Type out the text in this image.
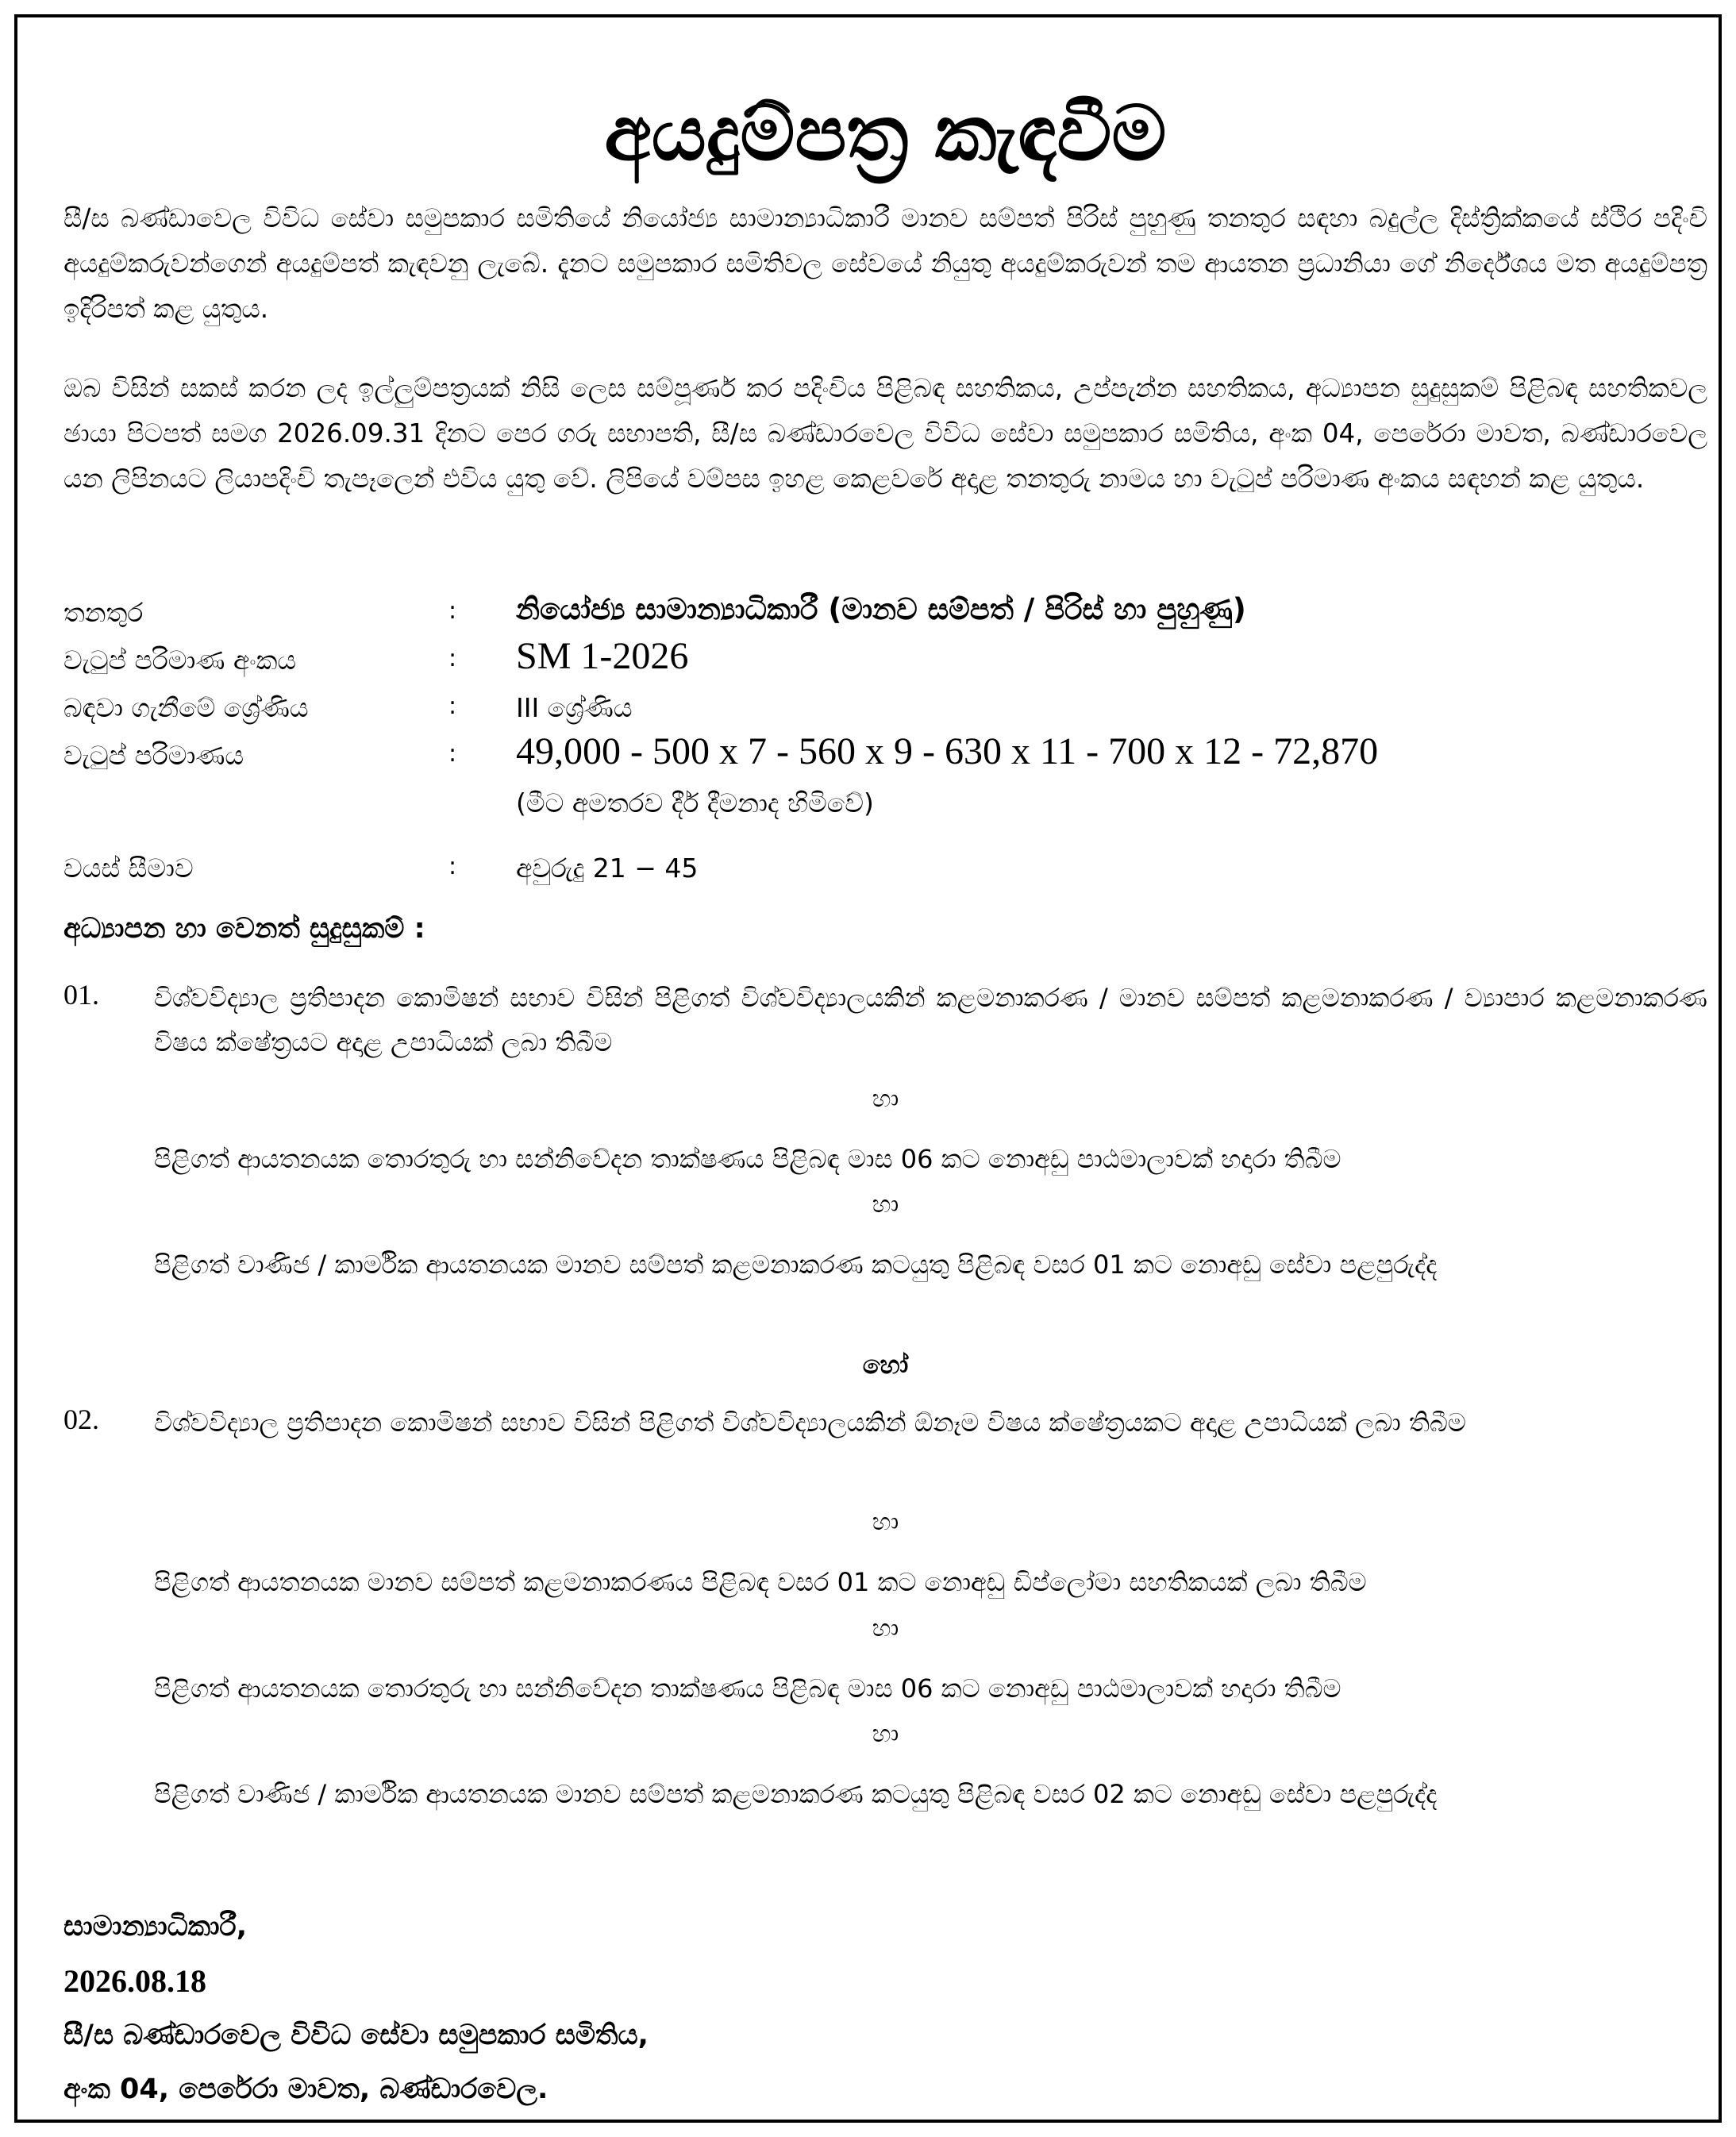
අයදුම්පත්‍ර කැඳවීම

සී/ස බණ්ඩාවෙල විවිධ සේවා සමුපකාර සමිතියේ නියෝජ්‍ය සාමාන්‍යාධිකාරී මානව සම්පත් පිරිස් පුහුණු තනතුර සඳහා බදුල්ල දිස්ත්‍රික්කයේ ස්ථිර පදිංචි අයදුම්කරුවන්ගෙන් අයදුම්පත් කැඳවනු ලැබේ. දැනට සමුපකාර සමිතිවල සේවයේ නියුතු අයදුම්කරුවන් තම ආයතන ප්‍රධානියා ගේ නිර්දේශය මත අයදුම්පත්‍ර ඉදිරිපත් කළ යුතුය.

ඔබ විසින් සකස් කරන ලද ඉල්ලුම්පත්‍රයක් නිසි ලෙස සම්පූර්ණ කර පදිංචිය පිළිබඳ සහතිකය, උප්පැන්න සහතිකය, අධ්‍යාපන සුදුසුකම් පිළිබඳ සහතිකවල ඡායා පිටපත් සමග 2026.09.31 දිනට පෙර ගරු සභාපති, සී/ස බණ්ඩාරවෙල විවිධ සේවා සමුපකාර සමිතිය, අංක 04, පෙරේරා මාවත, බණ්ඩාරවෙල යන ලිපිනයට ලියාපදිංචි තැපෑලෙන් එවිය යුතු වේ. ලිපියේ වම්පස ඉහළ කෙළවරේ අදාළ තනතුරු නාමය හා වැටුප් පරිමාණ අංකය සඳහන් කළ යුතුය.

තනතුර	: නියෝජ්‍ය සාමාන්‍යාධිකාරී (මානව සම්පත් / පිරිස් හා පුහුණු)
වැටුප් පරිමාණ අංකය	: SM 1-2026
බඳවා ගැනීමේ ශ්‍රේණිය	: III ශ්‍රේණිය
වැටුප් පරිමාණය	: 49,000 - 500 x 7 - 560 x 9 - 630 x 11 - 700 x 12 - 72,870
(මීට අමතරව දීර් දීමනාද හිමිවේ)
වයස් සීමාව	: අවුරුදු 21 − 45
අධ්‍යාපන හා වෙනත් සුදුසුකම් :
01. විශ්වවිද්‍යාල ප්‍රතිපාදන කොමිෂන් සභාව විසින් පිළිගත් විශ්වවිද්‍යාලයකින් කළමනාකරණ / මානව සම්පත් කළමනාකරණ / ව්‍යාපාර කළමනාකරණ විෂය ක්ෂේත්‍රයට අදාළ උපාධියක් ලබා තිබීම

හා

පිළිගත් ආයතනයක තොරතුරු හා සන්නිවේදන තාක්ෂණය පිළිබඳ මාස 06 කට නොඅඩු පාඨමාලාවක් හදාරා තිබීම

හා

පිළිගත් වාණිජ / කාර්මික ආයතනයක මානව සම්පත් කළමනාකරණ කටයුතු පිළිබඳ වසර 01 කට නොඅඩු සේවා පළපුරුද්ද

හෝ

02. විශ්වවිද්‍යාල ප්‍රතිපාදන කොමිෂන් සභාව විසින් පිළිගත් විශ්වවිද්‍යාලයකින් ඕනෑම විෂය ක්ෂේත්‍රයකට අදාළ උපාධියක් ලබා තිබීම

හා

පිළිගත් ආයතනයක මානව සම්පත් කළමනාකරණය පිළිබඳ වසර 01 කට නොඅඩු ඩිප්ලෝමා සහතිකයක් ලබා තිබීම

හා

පිළිගත් ආයතනයක තොරතුරු හා සන්නිවේදන තාක්ෂණය පිළිබඳ මාස 06 කට නොඅඩු පාඨමාලාවක් හදාරා තිබීම

හා

පිළිගත් වාණිජ / කාර්මික ආයතනයක මානව සම්පත් කළමනාකරණ කටයුතු පිළිබඳ වසර 02 කට නොඅඩු සේවා පළපුරුද්ද

සාමාන්‍යාධිකාරී,

2026.08.18

සී/ස බණ්ඩාරවෙල විවිධ සේවා සමුපකාර සමිතිය,

අංක 04, පෙරේරා මාවත, බණ්ඩාරවෙල.
